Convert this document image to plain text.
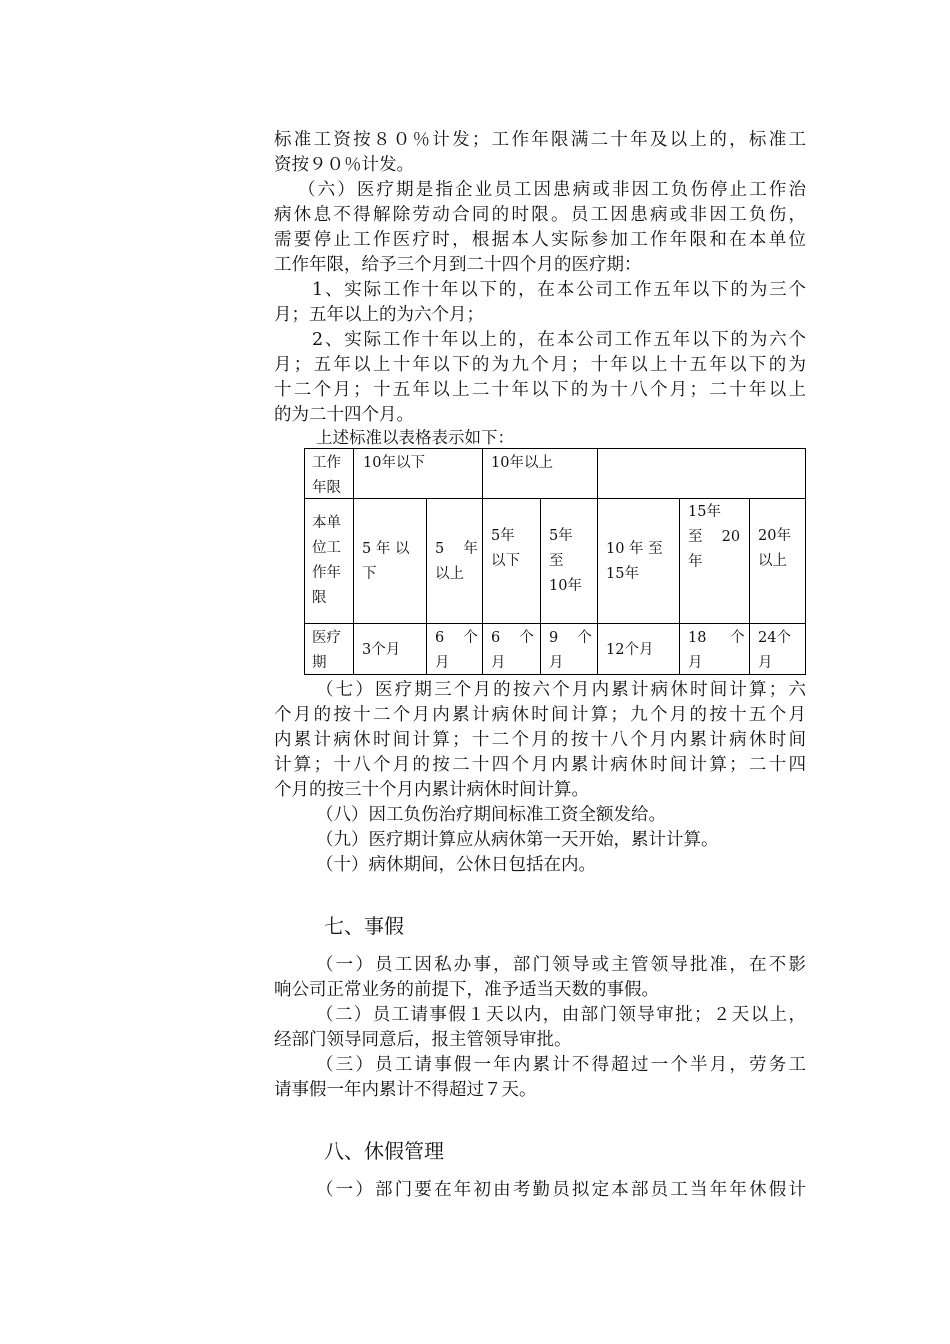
标准工资按８０％计发；工作年限满二十年及以上的，标准工
资按９０％计发。
（六）医疗期是指企业员工因患病或非因工负伤停止工作治
病休息不得解除劳动合同的时限。员工因患病或非因工负伤，
需要停止工作医疗时，根据本人实际参加工作年限和在本单位
工作年限，给予三个月到二十四个月的医疗期：
1、实际工作十年以下的，在本公司工作五年以下的为三个
月；五年以上的为六个月；
2、实际工作十年以上的，在本公司工作五年以下的为六个
月；五年以上十年以下的为九个月；十年以上十五年以下的为
十二个月；十五年以上二十年以下的为十八个月；二十年以上
的为二十四个月。
上述标准以表格表示如下：
工作
年限
10年以下	10年以上
本单
位工
作年
限
5 年 以
下
5 　年
以上
5年
以下
5年
至
10年
10 年 至
15年
15年
至 　20
年
20年
以上
医疗
期
3个月
6 　个
月
6 　个
月
9 　个
月
12个月
18 　 个
月
24个
月
（七）医疗期三个月的按六个月内累计病休时间计算；六
个月的按十二个月内累计病休时间计算；九个月的按十五个月
内累计病休时间计算；十二个月的按十八个月内累计病休时间
计算；十八个月的按二十四个月内累计病休时间计算；二十四
个月的按三十个月内累计病休时间计算。
（八）因工负伤治疗期间标准工资全额发给。
（九）医疗期计算应从病休第一天开始，累计计算。
（十）病休期间，公休日包括在内。
七、事假
（一）员工因私办事，部门领导或主管领导批准，在不影
响公司正常业务的前提下，准予适当天数的事假。
（二）员工请事假１天以内，由部门领导审批；２天以上，
经部门领导同意后，报主管领导审批。
（三）员工请事假一年内累计不得超过一个半月，劳务工
请事假一年内累计不得超过７天。
八、休假管理
（一）部门要在年初由考勤员拟定本部员工当年年休假计
